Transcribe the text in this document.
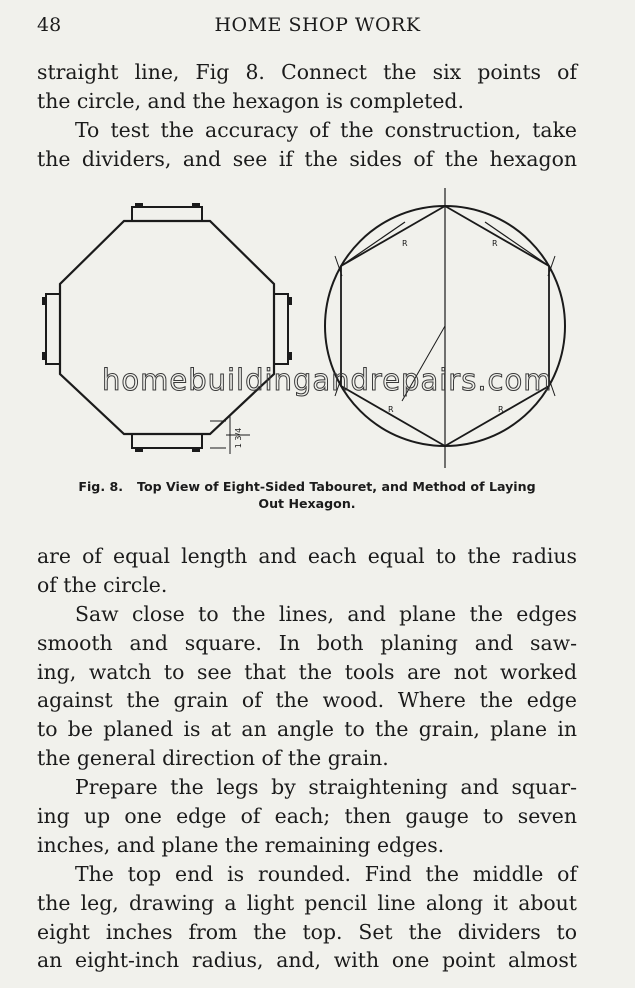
48	HOME SHOP WORK
straight line, Fig 8. Connect the six points of
the circle, and the hexagon is completed.
To test the accuracy of the construction, take
the dividers, and see if the sides of the hexagon
1 3/4
R	R
R	R
homebuildingandrepairs.com
Fig. 8. Top View of Eight-Sided Tabouret, and Method of Laying
Out Hexagon.
are of equal length and each equal to the radius
of the circle.
Saw close to the lines, and plane the edges
smooth and square. In both planing and saw-
ing, watch to see that the tools are not worked
against the grain of the wood. Where the edge
to be planed is at an angle to the grain, plane in
the general direction of the grain.
Prepare the legs by straightening and squar-
ing up one edge of each; then gauge to seven
inches, and plane the remaining edges.
The top end is rounded. Find the middle of
the leg, drawing a light pencil line along it about
eight inches from the top. Set the dividers to
an eight-inch radius, and, with one point almost
